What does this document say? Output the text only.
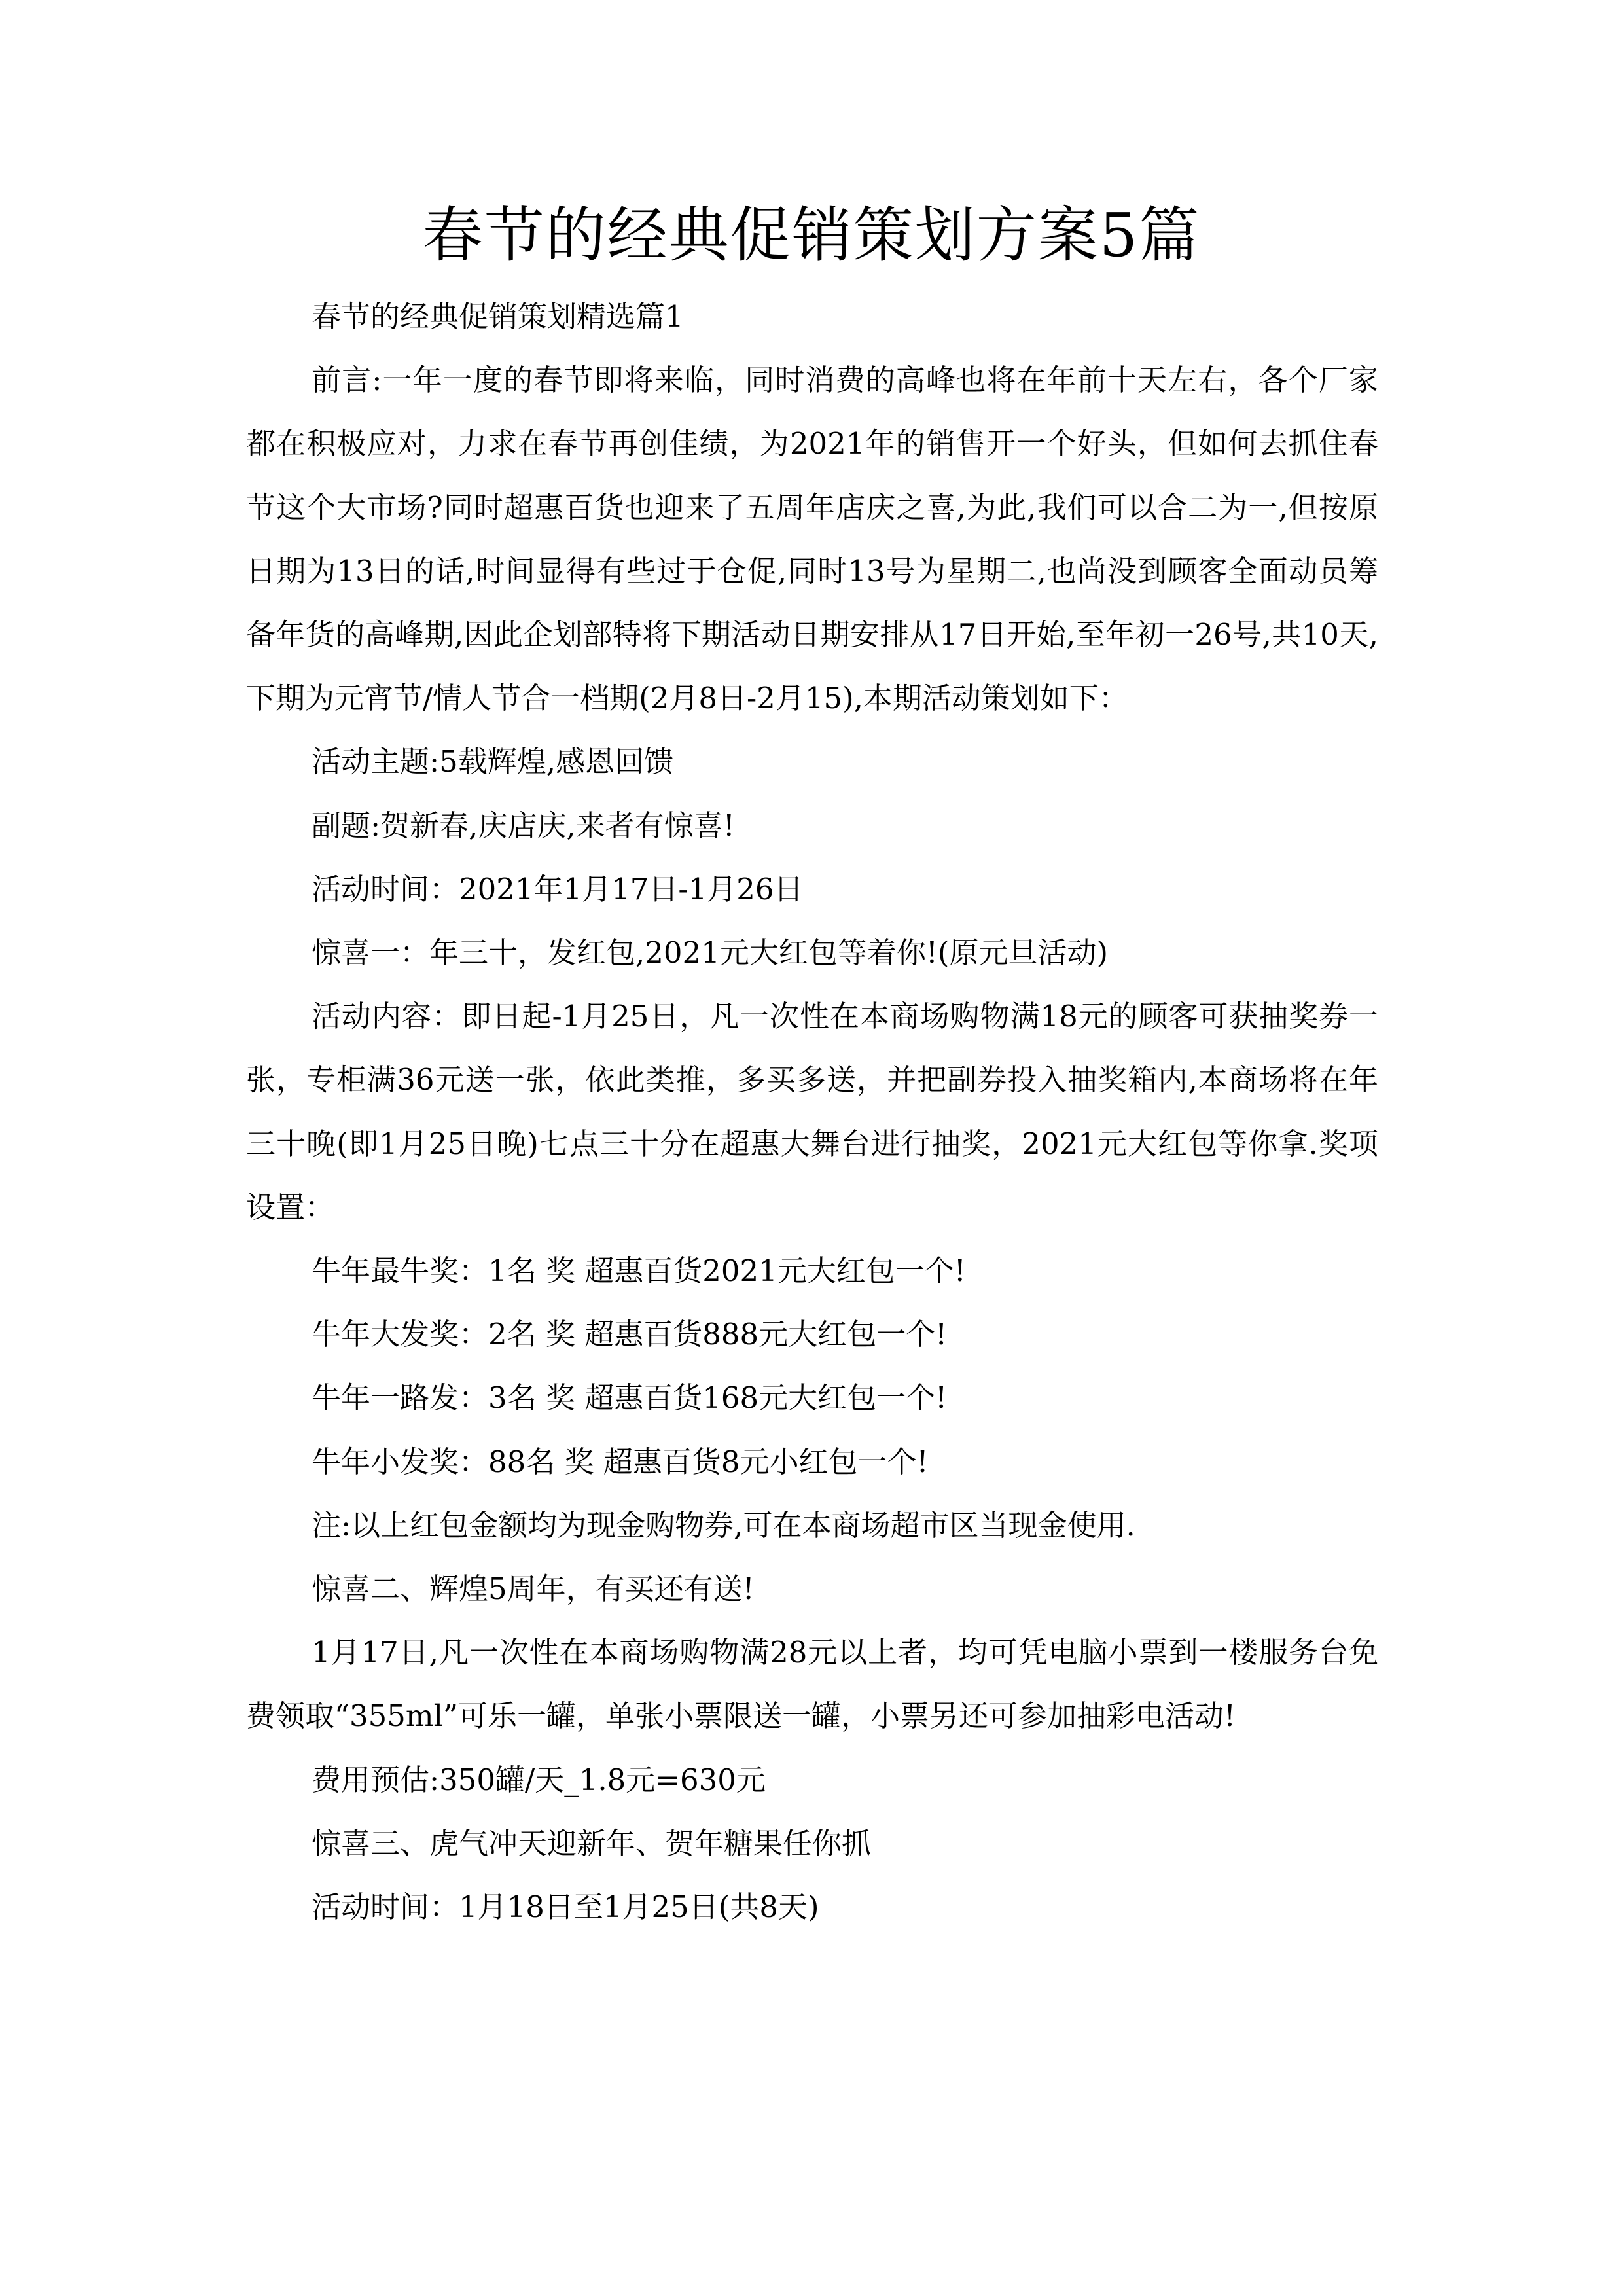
春节的经典促销策划方案5篇

春节的经典促销策划精选篇1

前言:一年一度的春节即将来临，同时消费的高峰也将在年前十天左右，各个厂家都在积极应对，力求在春节再创佳绩，为2021年的销售开一个好头，但如何去抓住春节这个大市场?同时超惠百货也迎来了五周年店庆之喜,为此,我们可以合二为一,但按原日期为13日的话,时间显得有些过于仓促,同时13号为星期二,也尚没到顾客全面动员筹备年货的高峰期,因此企划部特将下期活动日期安排从17日开始,至年初一26号,共10天,下期为元宵节/情人节合一档期(2月8日-2月15),本期活动策划如下：

活动主题:5载辉煌,感恩回馈

副题:贺新春,庆店庆,来者有惊喜!

活动时间：2021年1月17日-1月26日

惊喜一：年三十，发红包,2021元大红包等着你!(原元旦活动)

活动内容：即日起-1月25日，凡一次性在本商场购物满18元的顾客可获抽奖券一张，专柜满36元送一张，依此类推，多买多送，并把副券投入抽奖箱内,本商场将在年三十晚(即1月25日晚)七点三十分在超惠大舞台进行抽奖，2021元大红包等你拿.奖项设置：

牛年最牛奖：1名 奖 超惠百货2021元大红包一个!

牛年大发奖：2名 奖 超惠百货888元大红包一个!

牛年一路发：3名 奖 超惠百货168元大红包一个!

牛年小发奖：88名 奖 超惠百货8元小红包一个!

注:以上红包金额均为现金购物券,可在本商场超市区当现金使用.

惊喜二、辉煌5周年，有买还有送!

1月17日,凡一次性在本商场购物满28元以上者，均可凭电脑小票到一楼服务台免费领取“355ml”可乐一罐，单张小票限送一罐，小票另还可参加抽彩电活动!

费用预估:350罐/天_1.8元=630元

惊喜三、虎气冲天迎新年、贺年糖果任你抓

活动时间：1月18日至1月25日(共8天)
